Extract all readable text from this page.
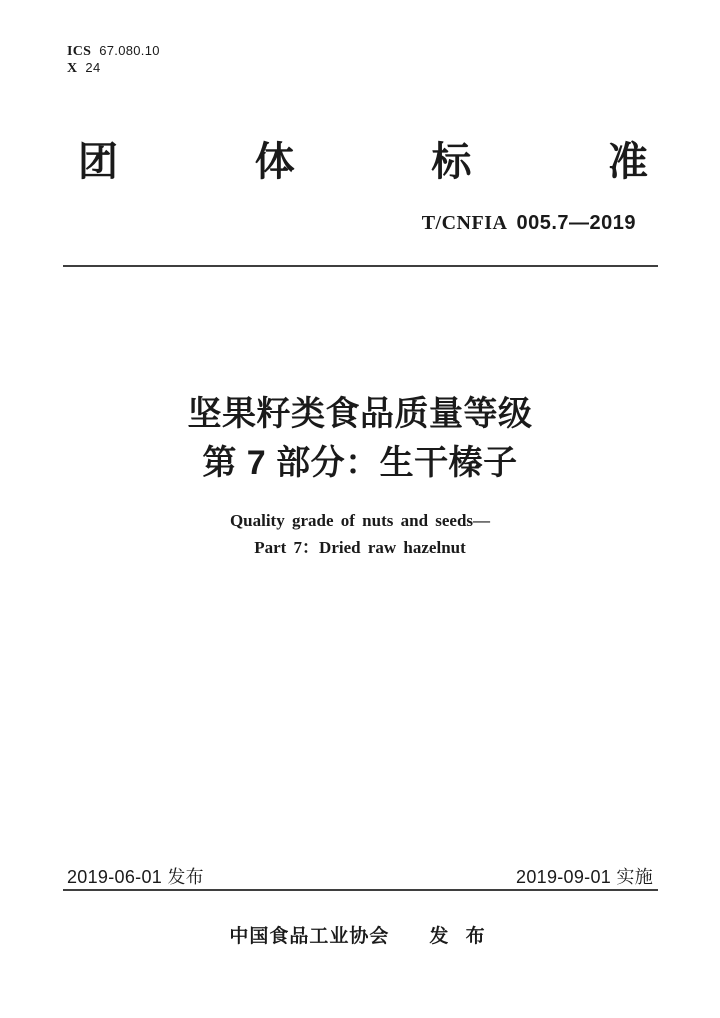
ICS 67.080.10
X 24
团	体	标	准
T/CNFIA 005.7—2019
坚果籽类食品质量等级
第 7 部分：生干榛子
Quality grade of nuts and seeds—
Part 7：Dried raw hazelnut
2019-06-01 发布	2019-09-01 实施
中国食品工业协会 发 布
